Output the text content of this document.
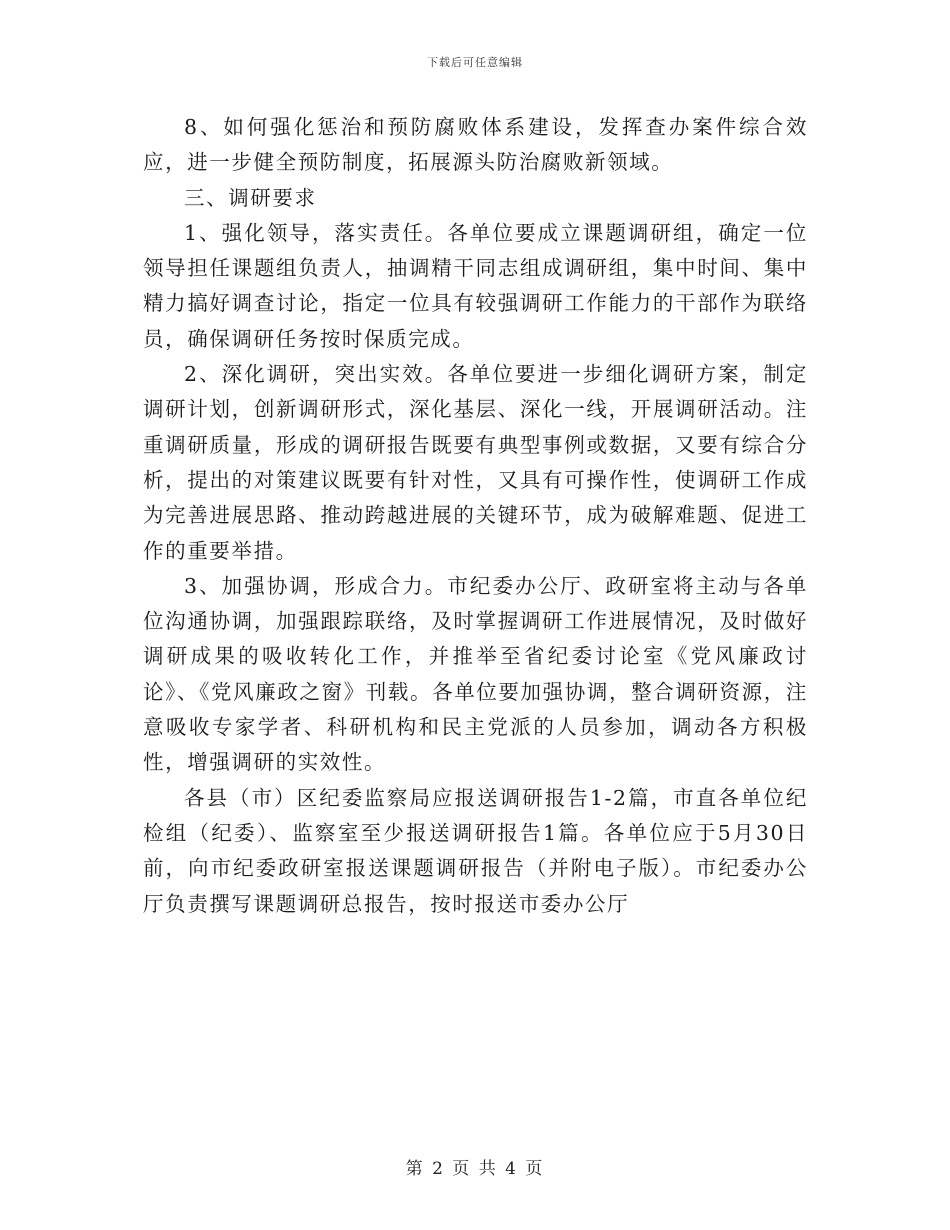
下载后可任意编辑

8、如何强化惩治和预防腐败体系建设，发挥查办案件综合效应，进一步健全预防制度，拓展源头防治腐败新领域。

三、调研要求

1、强化领导，落实责任。各单位要成立课题调研组，确定一位领导担任课题组负责人，抽调精干同志组成调研组，集中时间、集中精力搞好调查讨论，指定一位具有较强调研工作能力的干部作为联络员，确保调研任务按时保质完成。

2、深化调研，突出实效。各单位要进一步细化调研方案，制定调研计划，创新调研形式，深化基层、深化一线，开展调研活动。注重调研质量，形成的调研报告既要有典型事例或数据，又要有综合分析，提出的对策建议既要有针对性，又具有可操作性，使调研工作成为完善进展思路、推动跨越进展的关键环节，成为破解难题、促进工作的重要举措。

3、加强协调，形成合力。市纪委办公厅、政研室将主动与各单位沟通协调，加强跟踪联络，及时掌握调研工作进展情况，及时做好调研成果的吸收转化工作，并推举至省纪委讨论室《党风廉政讨论》、《党风廉政之窗》刊载。各单位要加强协调，整合调研资源，注意吸收专家学者、科研机构和民主党派的人员参加，调动各方积极性，增强调研的实效性。

各县（市）区纪委监察局应报送调研报告1-2篇，市直各单位纪检组（纪委）、监察室至少报送调研报告1篇。各单位应于5月30日前，向市纪委政研室报送课题调研报告（并附电子版）。市纪委办公厅负责撰写课题调研总报告，按时报送市委办公厅

第 2 页 共 4 页
